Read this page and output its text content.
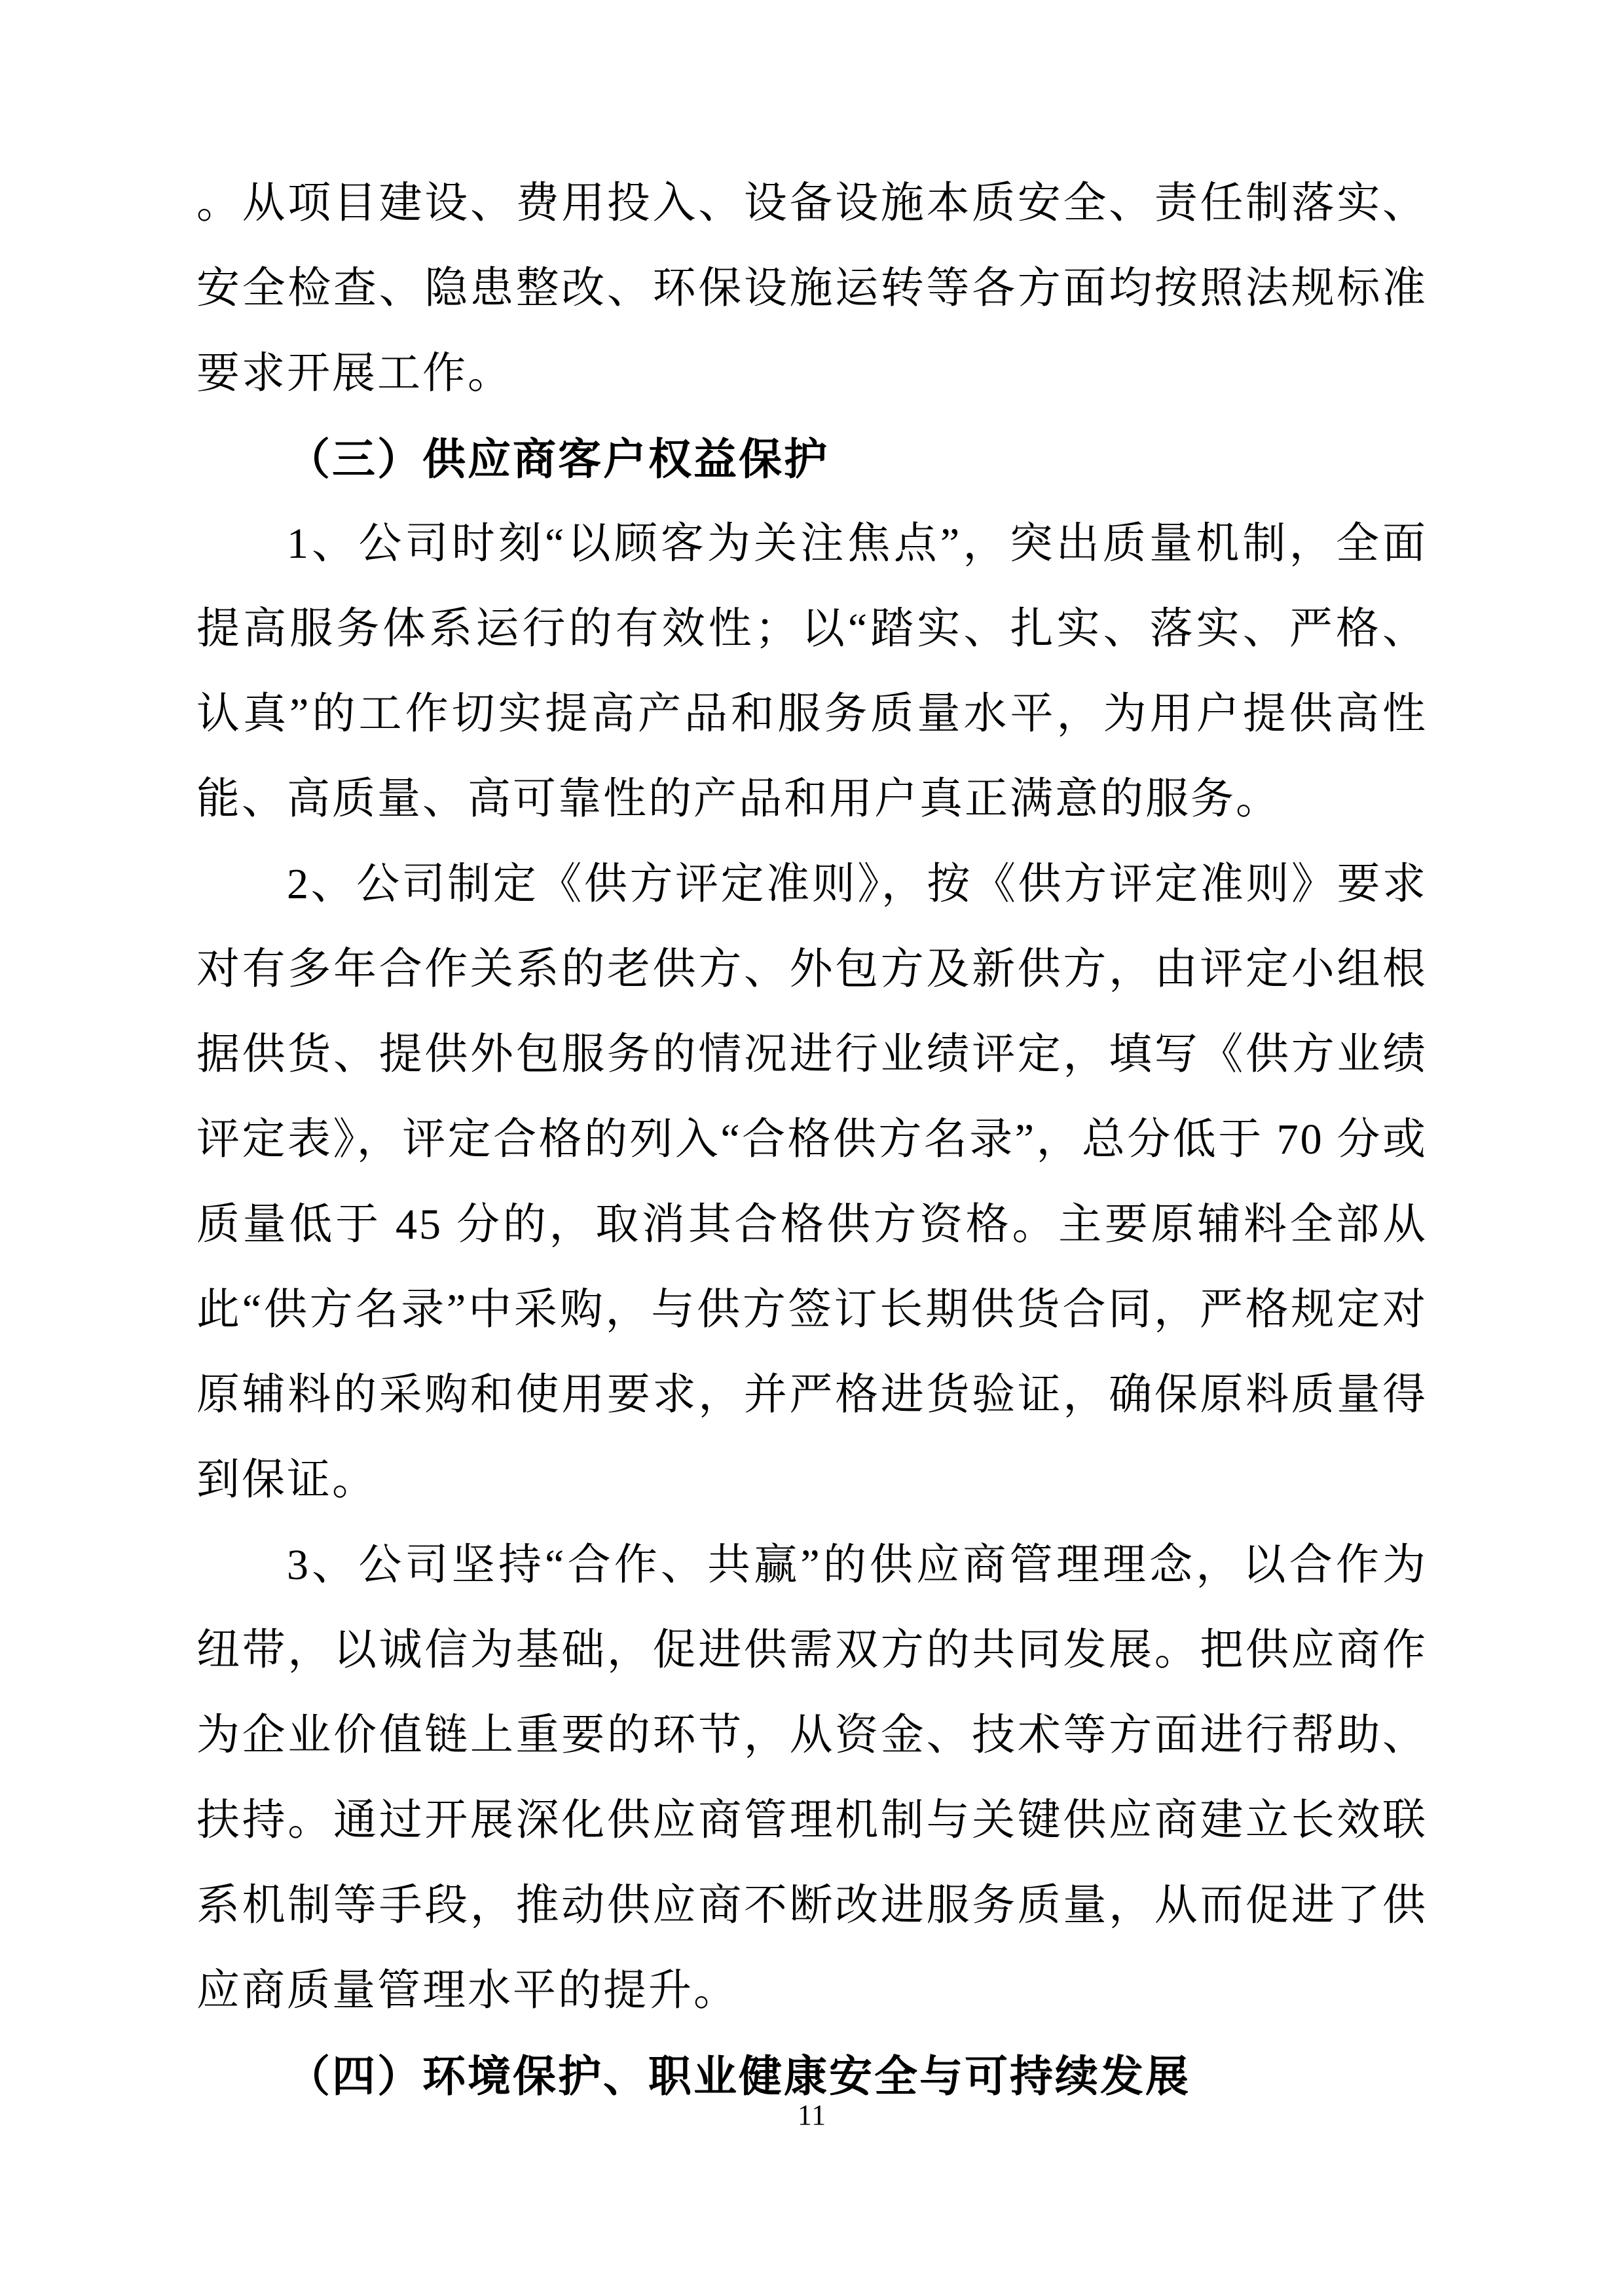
。从项目建设、费用投入、设备设施本质安全、责任制落实、安全检查、隐患整改、环保设施运转等各方面均按照法规标准要求开展工作。

（三）供应商客户权益保护

1、公司时刻“以顾客为关注焦点”，突出质量机制，全面提高服务体系运行的有效性；以“踏实、扎实、落实、严格、认真”的工作切实提高产品和服务质量水平，为用户提供高性能、高质量、高可靠性的产品和用户真正满意的服务。

2、公司制定《供方评定准则》，按《供方评定准则》要求对有多年合作关系的老供方、外包方及新供方，由评定小组根据供货、提供外包服务的情况进行业绩评定，填写《供方业绩评定表》，评定合格的列入“合格供方名录”，总分低于 70 分或质量低于 45 分的，取消其合格供方资格。主要原辅料全部从此“供方名录”中采购，与供方签订长期供货合同，严格规定对原辅料的采购和使用要求，并严格进货验证，确保原料质量得到保证。

3、公司坚持“合作、共赢”的供应商管理理念，以合作为纽带，以诚信为基础，促进供需双方的共同发展。把供应商作为企业价值链上重要的环节，从资金、技术等方面进行帮助、扶持。通过开展深化供应商管理机制与关键供应商建立长效联系机制等手段，推动供应商不断改进服务质量，从而促进了供应商质量管理水平的提升。

（四）环境保护、职业健康安全与可持续发展
11
